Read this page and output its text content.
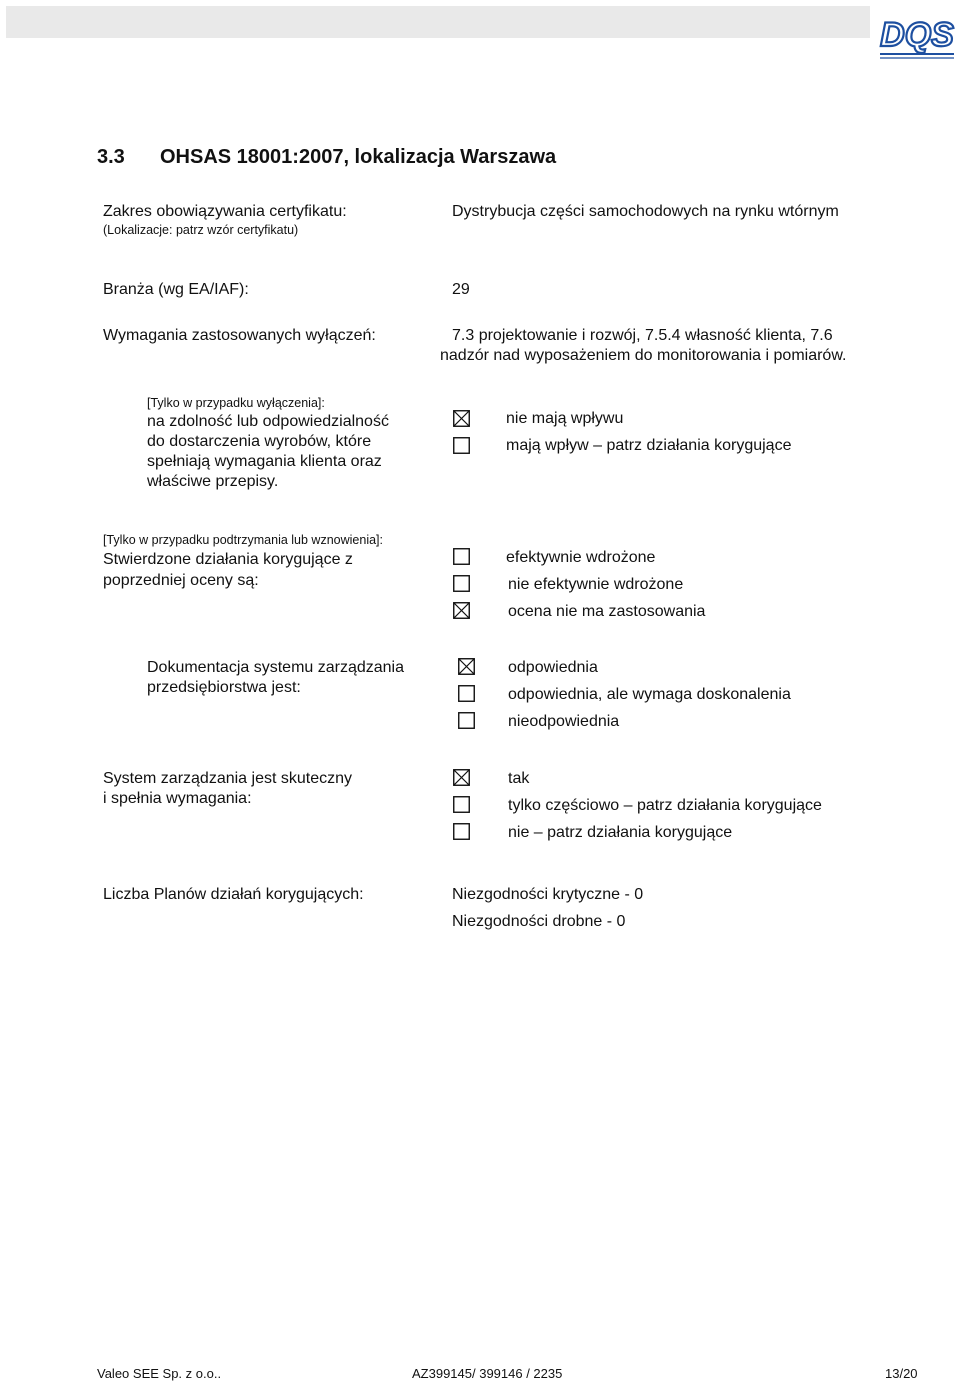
DQS
3.3 OHSAS 18001:2007, lokalizacja Warszawa
Zakres obowiązywania certyfikatu:
(Lokalizacje: patrz wzór certyfikatu)
Dystrybucja części samochodowych na rynku wtórnym
Branża (wg EA/IAF):	29
Wymagania zastosowanych wyłączeń:	7.3 projektowanie i rozwój, 7.5.4 własność klienta, 7.6
nadzór nad wyposażeniem do monitorowania i pomiarów.
[Tylko w przypadku wyłączenia]:
na zdolność lub odpowiedzialność
do dostarczenia wyrobów, które
spełniają wymagania klienta oraz
właściwe przepisy.
nie mają wpływu
mają wpływ – patrz działania korygujące
[Tylko w przypadku podtrzymania lub wznowienia]:
Stwierdzone działania korygujące z
poprzedniej oceny są:
efektywnie wdrożone
nie efektywnie wdrożone
ocena nie ma zastosowania
Dokumentacja systemu zarządzania
przedsiębiorstwa jest:
odpowiednia
odpowiednia, ale wymaga doskonalenia
nieodpowiednia
System zarządzania jest skuteczny
i spełnia wymagania:
tak
tylko częściowo – patrz działania korygujące
nie – patrz działania korygujące
Liczba Planów działań korygujących:	Niezgodności krytyczne - 0
Niezgodności drobne - 0
Valeo SEE Sp. z o.o..	AZ399145/ 399146 / 2235	13/20
